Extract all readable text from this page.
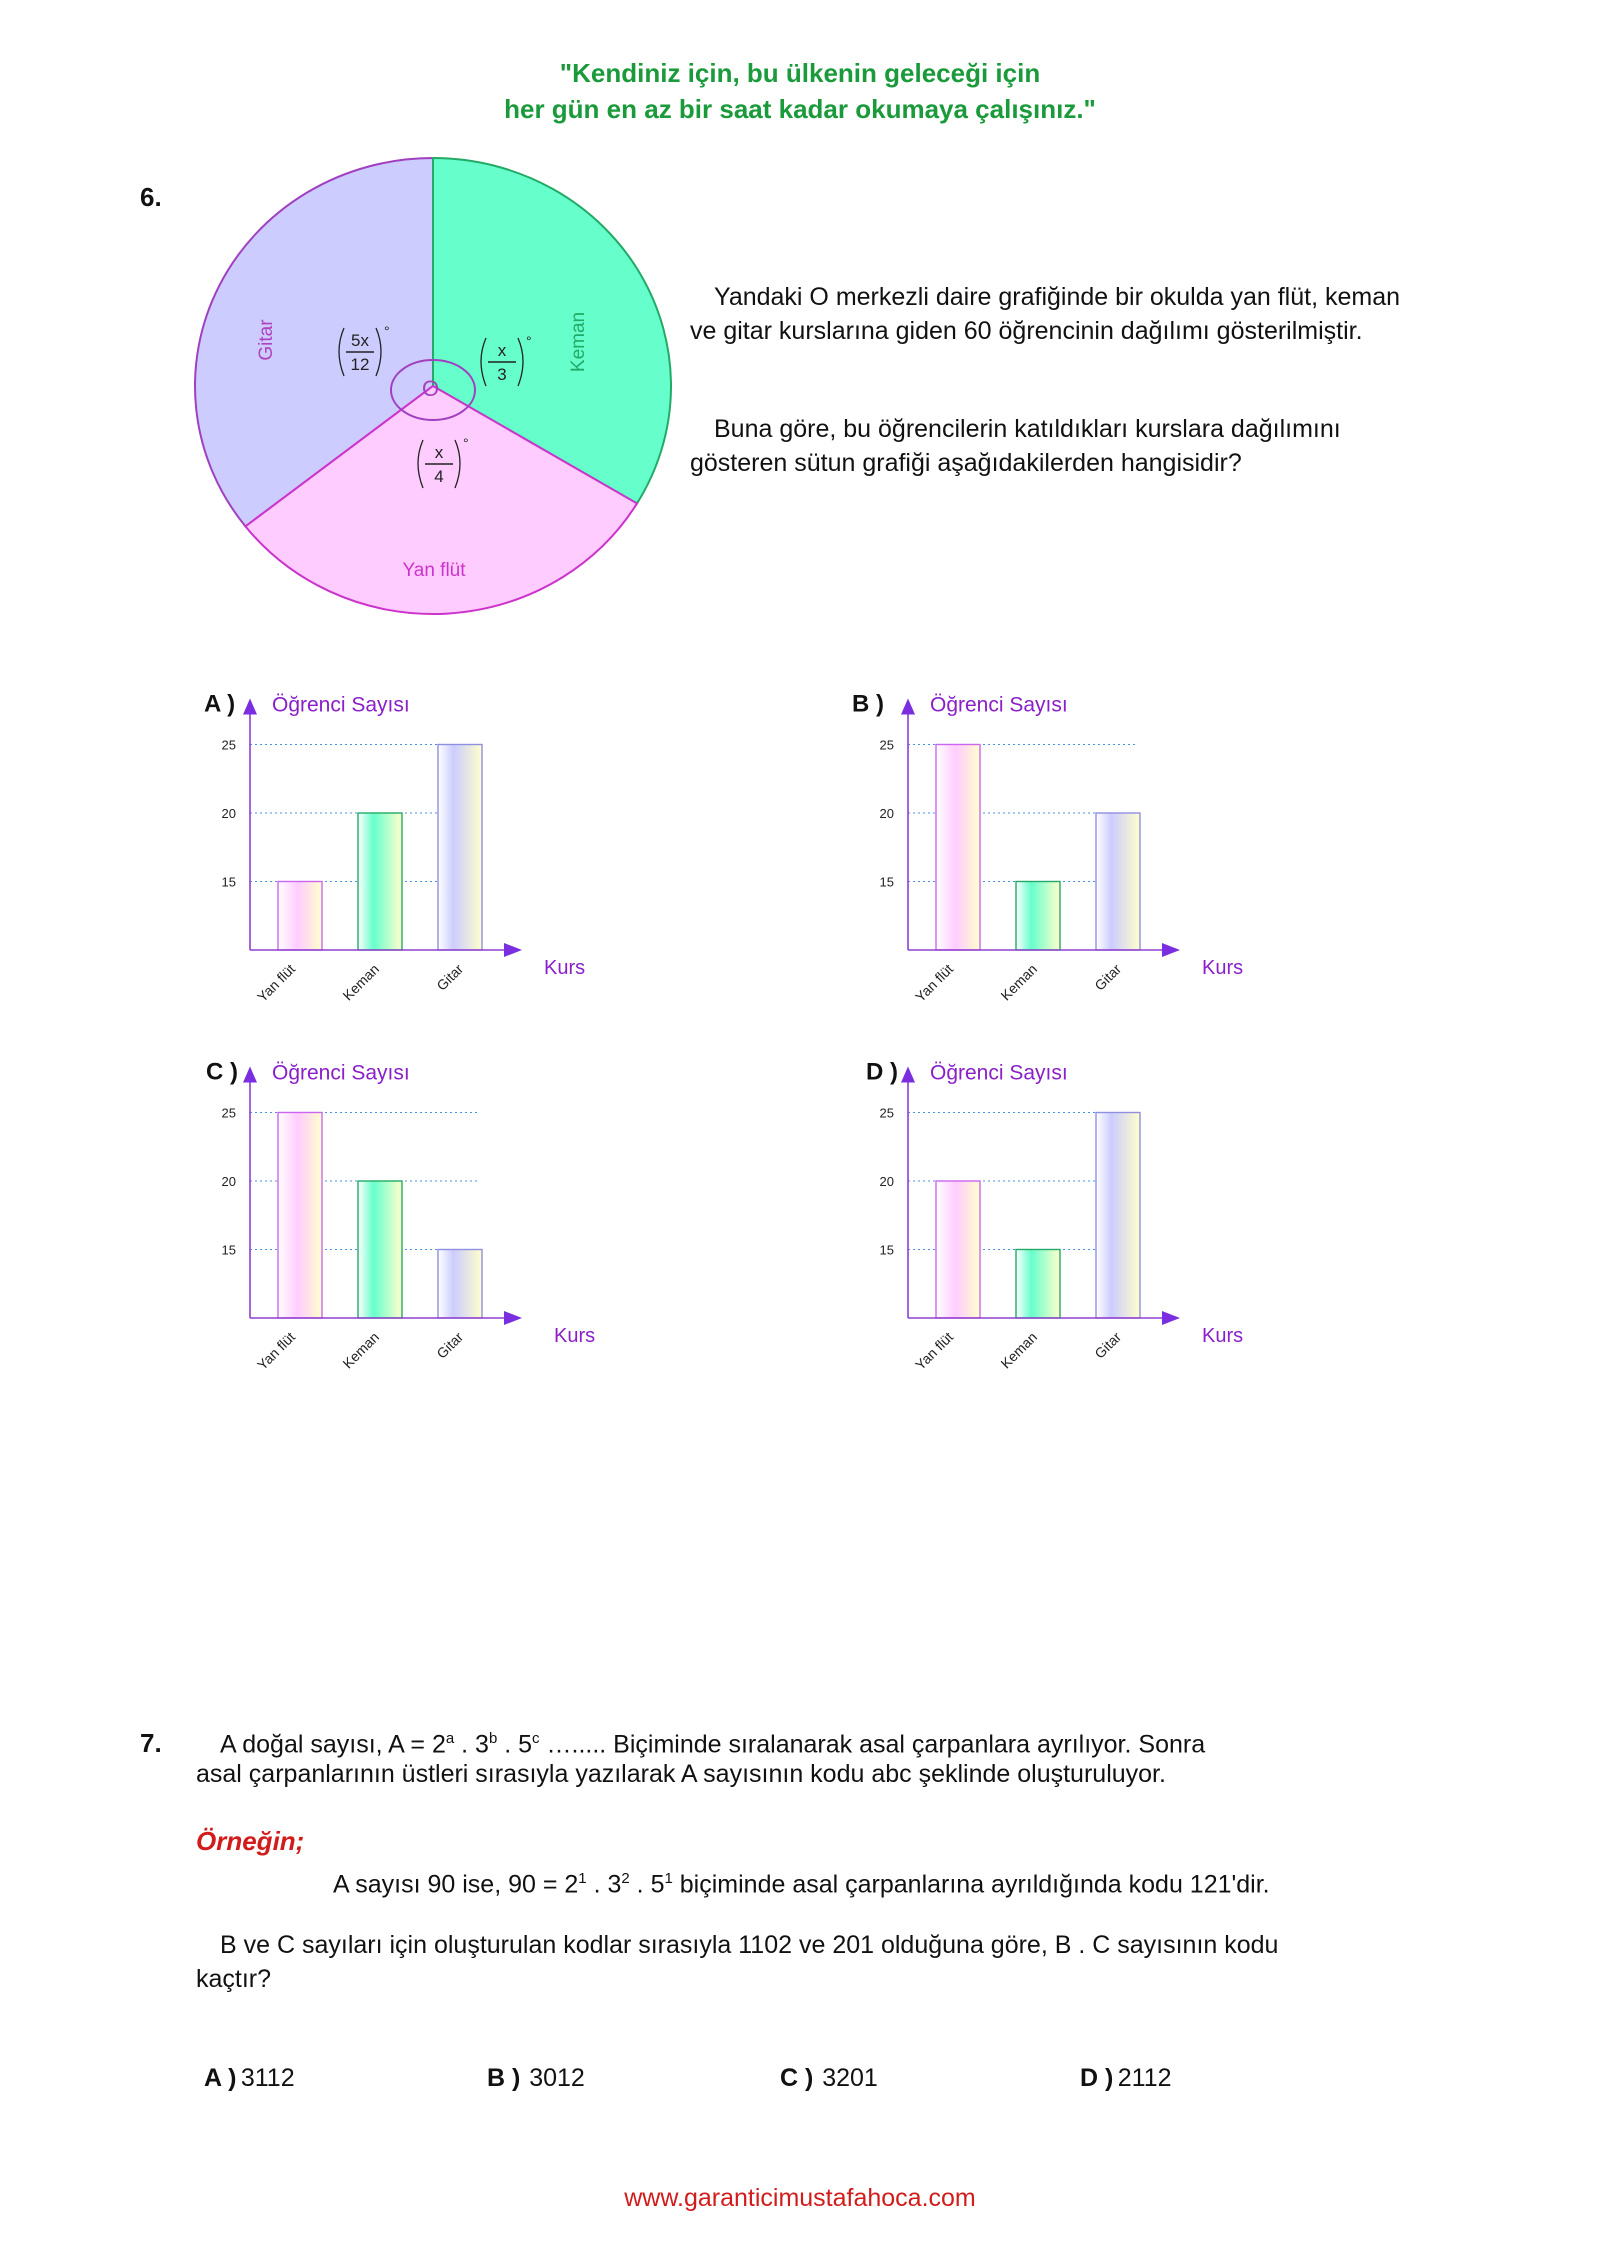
"Kendiniz için, bu ülkenin geleceği için
her gün en az bir saat kadar okumaya çalışınız."
6.
O
Gitar	Keman
Yan flüt
5x
12
°
x
3
°
x
4
°
Yandaki O merkezli daire grafiğinde bir okulda yan flüt, keman ve gitar kurslarına giden 60 öğrencinin dağılımı gösterilmiştir.
Buna göre, bu öğrencilerin katıldıkları kurslara dağılımını gösteren sütun grafiği aşağıdakilerden hangisidir?
A ) Öğrenci Sayısı
15
20
25
Kurs
Yan flüt	Keman	Gitar
B ) Öğrenci Sayısı
15
20
25
Kurs
Yan flüt	Keman	Gitar
C ) Öğrenci Sayısı
15
20
25
Kurs
Yan flüt	Keman	Gitar
D ) Öğrenci Sayısı
15
20
25
Kurs
Yan flüt	Keman	Gitar
7. A doğal sayısı, $A = 2^a$ . 3$^b$ . 5$^c$ …..... Biçiminde sıralanarak asal çarpanlara ayrılıyor. Sonra
asal çarpanlarının üstleri sırasıyla yazılarak A sayısının kodu abc şeklinde oluşturuluyor.
Örneğin;
A sayısı 90 ise, $90 = 2^1$ . $3^2$ . $5^1$ biçiminde asal çarpanlarına ayrıldığında kodu 121'dir.
B ve C sayıları için oluşturulan kodlar sırasıyla 1102 ve 201 olduğuna göre, B . C sayısının kodu
kaçtır?
A ) 3112	B ) 3012	C ) 3201	D ) 2112
www.garanticimustafahoca.com
